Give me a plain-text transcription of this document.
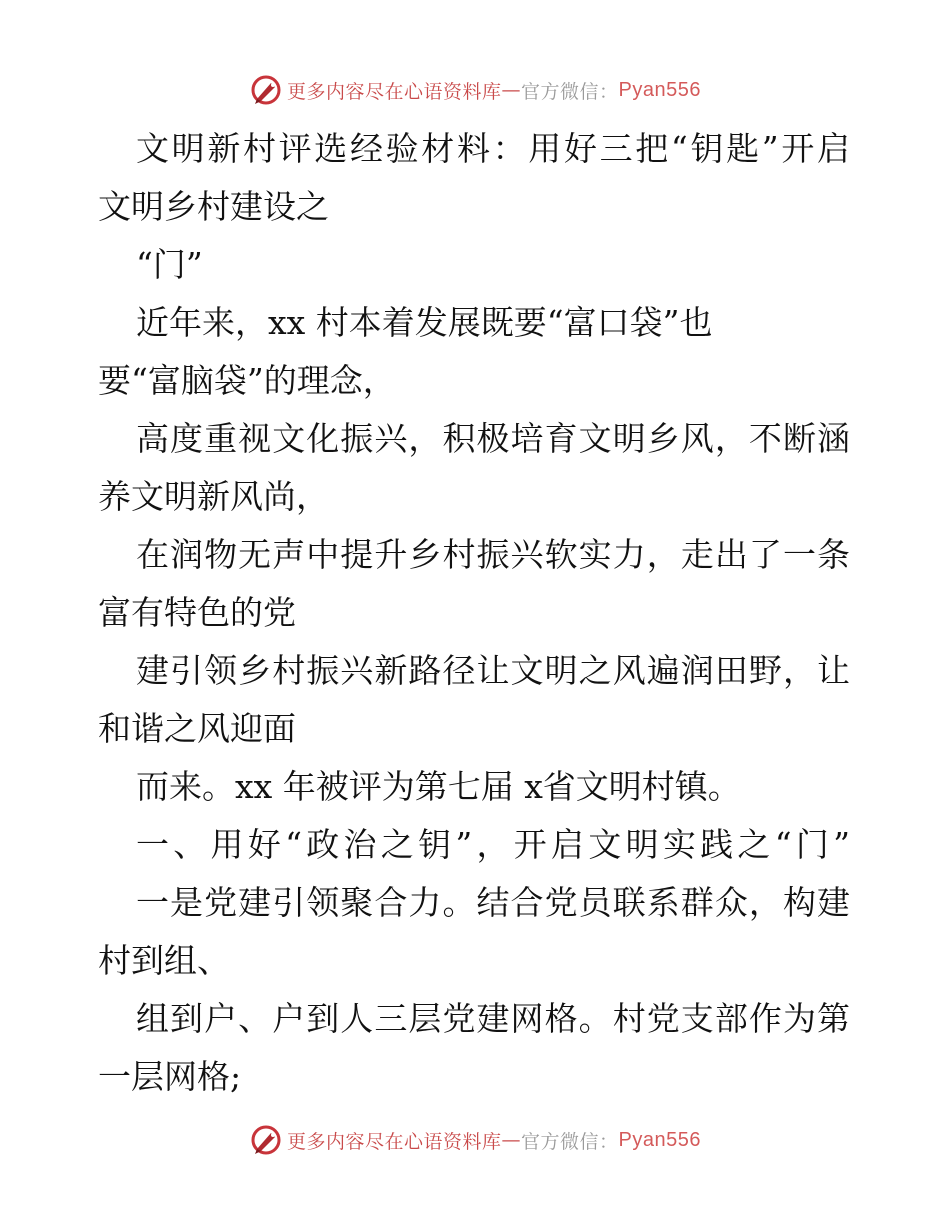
更多内容尽在心语资料库 — 官方微信： Pyan556
文明新村评选经验材料：用好三把“钥匙”开启
文明乡村建设之
“门”
近年来，xx 村本着发展既要“富口袋”也
要“富脑袋”的理念，
高度重视文化振兴，积极培育文明乡风，不断涵
养文明新风尚，
在润物无声中提升乡村振兴软实力，走出了一条
富有特色的党
建引领乡村振兴新路径让文明之风遍润田野，让
和谐之风迎面
而来。xx 年被评为第七届 x省文明村镇。
一、用好“政治之钥”，开启文明实践之“门”
一是党建引领聚合力。结合党员联系群众，构建
村到组、
组到户、户到人三层党建网格。村党支部作为第
一层网格;
更多内容尽在心语资料库 — 官方微信： Pyan556
